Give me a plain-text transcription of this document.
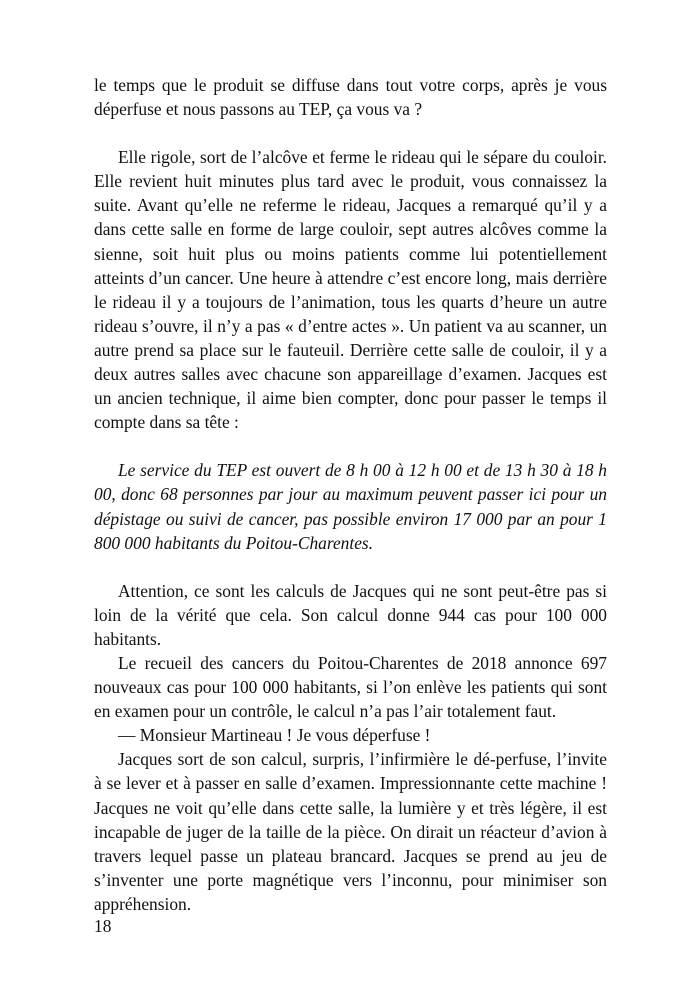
le temps que le produit se diffuse dans tout votre corps, après je vous déperfuse et nous passons au TEP, ça vous va ?

Elle rigole, sort de l’alcôve et ferme le rideau qui le sépare du couloir. Elle revient huit minutes plus tard avec le produit, vous connaissez la suite. Avant qu’elle ne referme le rideau, Jacques a remarqué qu’il y a dans cette salle en forme de large couloir, sept autres alcôves comme la sienne, soit huit plus ou moins patients comme lui potentiellement atteints d’un cancer. Une heure à attendre c’est encore long, mais derrière le rideau il y a toujours de l’animation, tous les quarts d’heure un autre rideau s’ouvre, il n’y a pas « d’entre actes ». Un patient va au scanner, un autre prend sa place sur le fauteuil. Derrière cette salle de couloir, il y a deux autres salles avec chacune son appareillage d’examen. Jacques est un ancien technique, il aime bien compter, donc pour passer le temps il compte dans sa tête :

Le service du TEP est ouvert de 8 h 00 à 12 h 00 et de 13 h 30 à 18 h 00, donc 68 personnes par jour au maximum peuvent passer ici pour un dépistage ou suivi de cancer, pas possible environ 17 000 par an pour 1 800 000 habitants du Poitou-Charentes.

Attention, ce sont les calculs de Jacques qui ne sont peut-être pas si loin de la vérité que cela. Son calcul donne 944 cas pour 100 000 habitants.

Le recueil des cancers du Poitou-Charentes de 2018 annonce 697 nouveaux cas pour 100 000 habitants, si l’on enlève les patients qui sont en examen pour un contrôle, le calcul n’a pas l’air totalement faut.

— Monsieur Martineau ! Je vous déperfuse !

Jacques sort de son calcul, surpris, l’infirmière le dé-perfuse, l’invite à se lever et à passer en salle d’examen. Impressionnante cette machine ! Jacques ne voit qu’elle dans cette salle, la lumière y et très légère, il est incapable de juger de la taille de la pièce. On dirait un réacteur d’avion à travers lequel passe un plateau brancard. Jacques se prend au jeu de s’inventer une porte magnétique vers l’inconnu, pour minimiser son appréhension.

18
